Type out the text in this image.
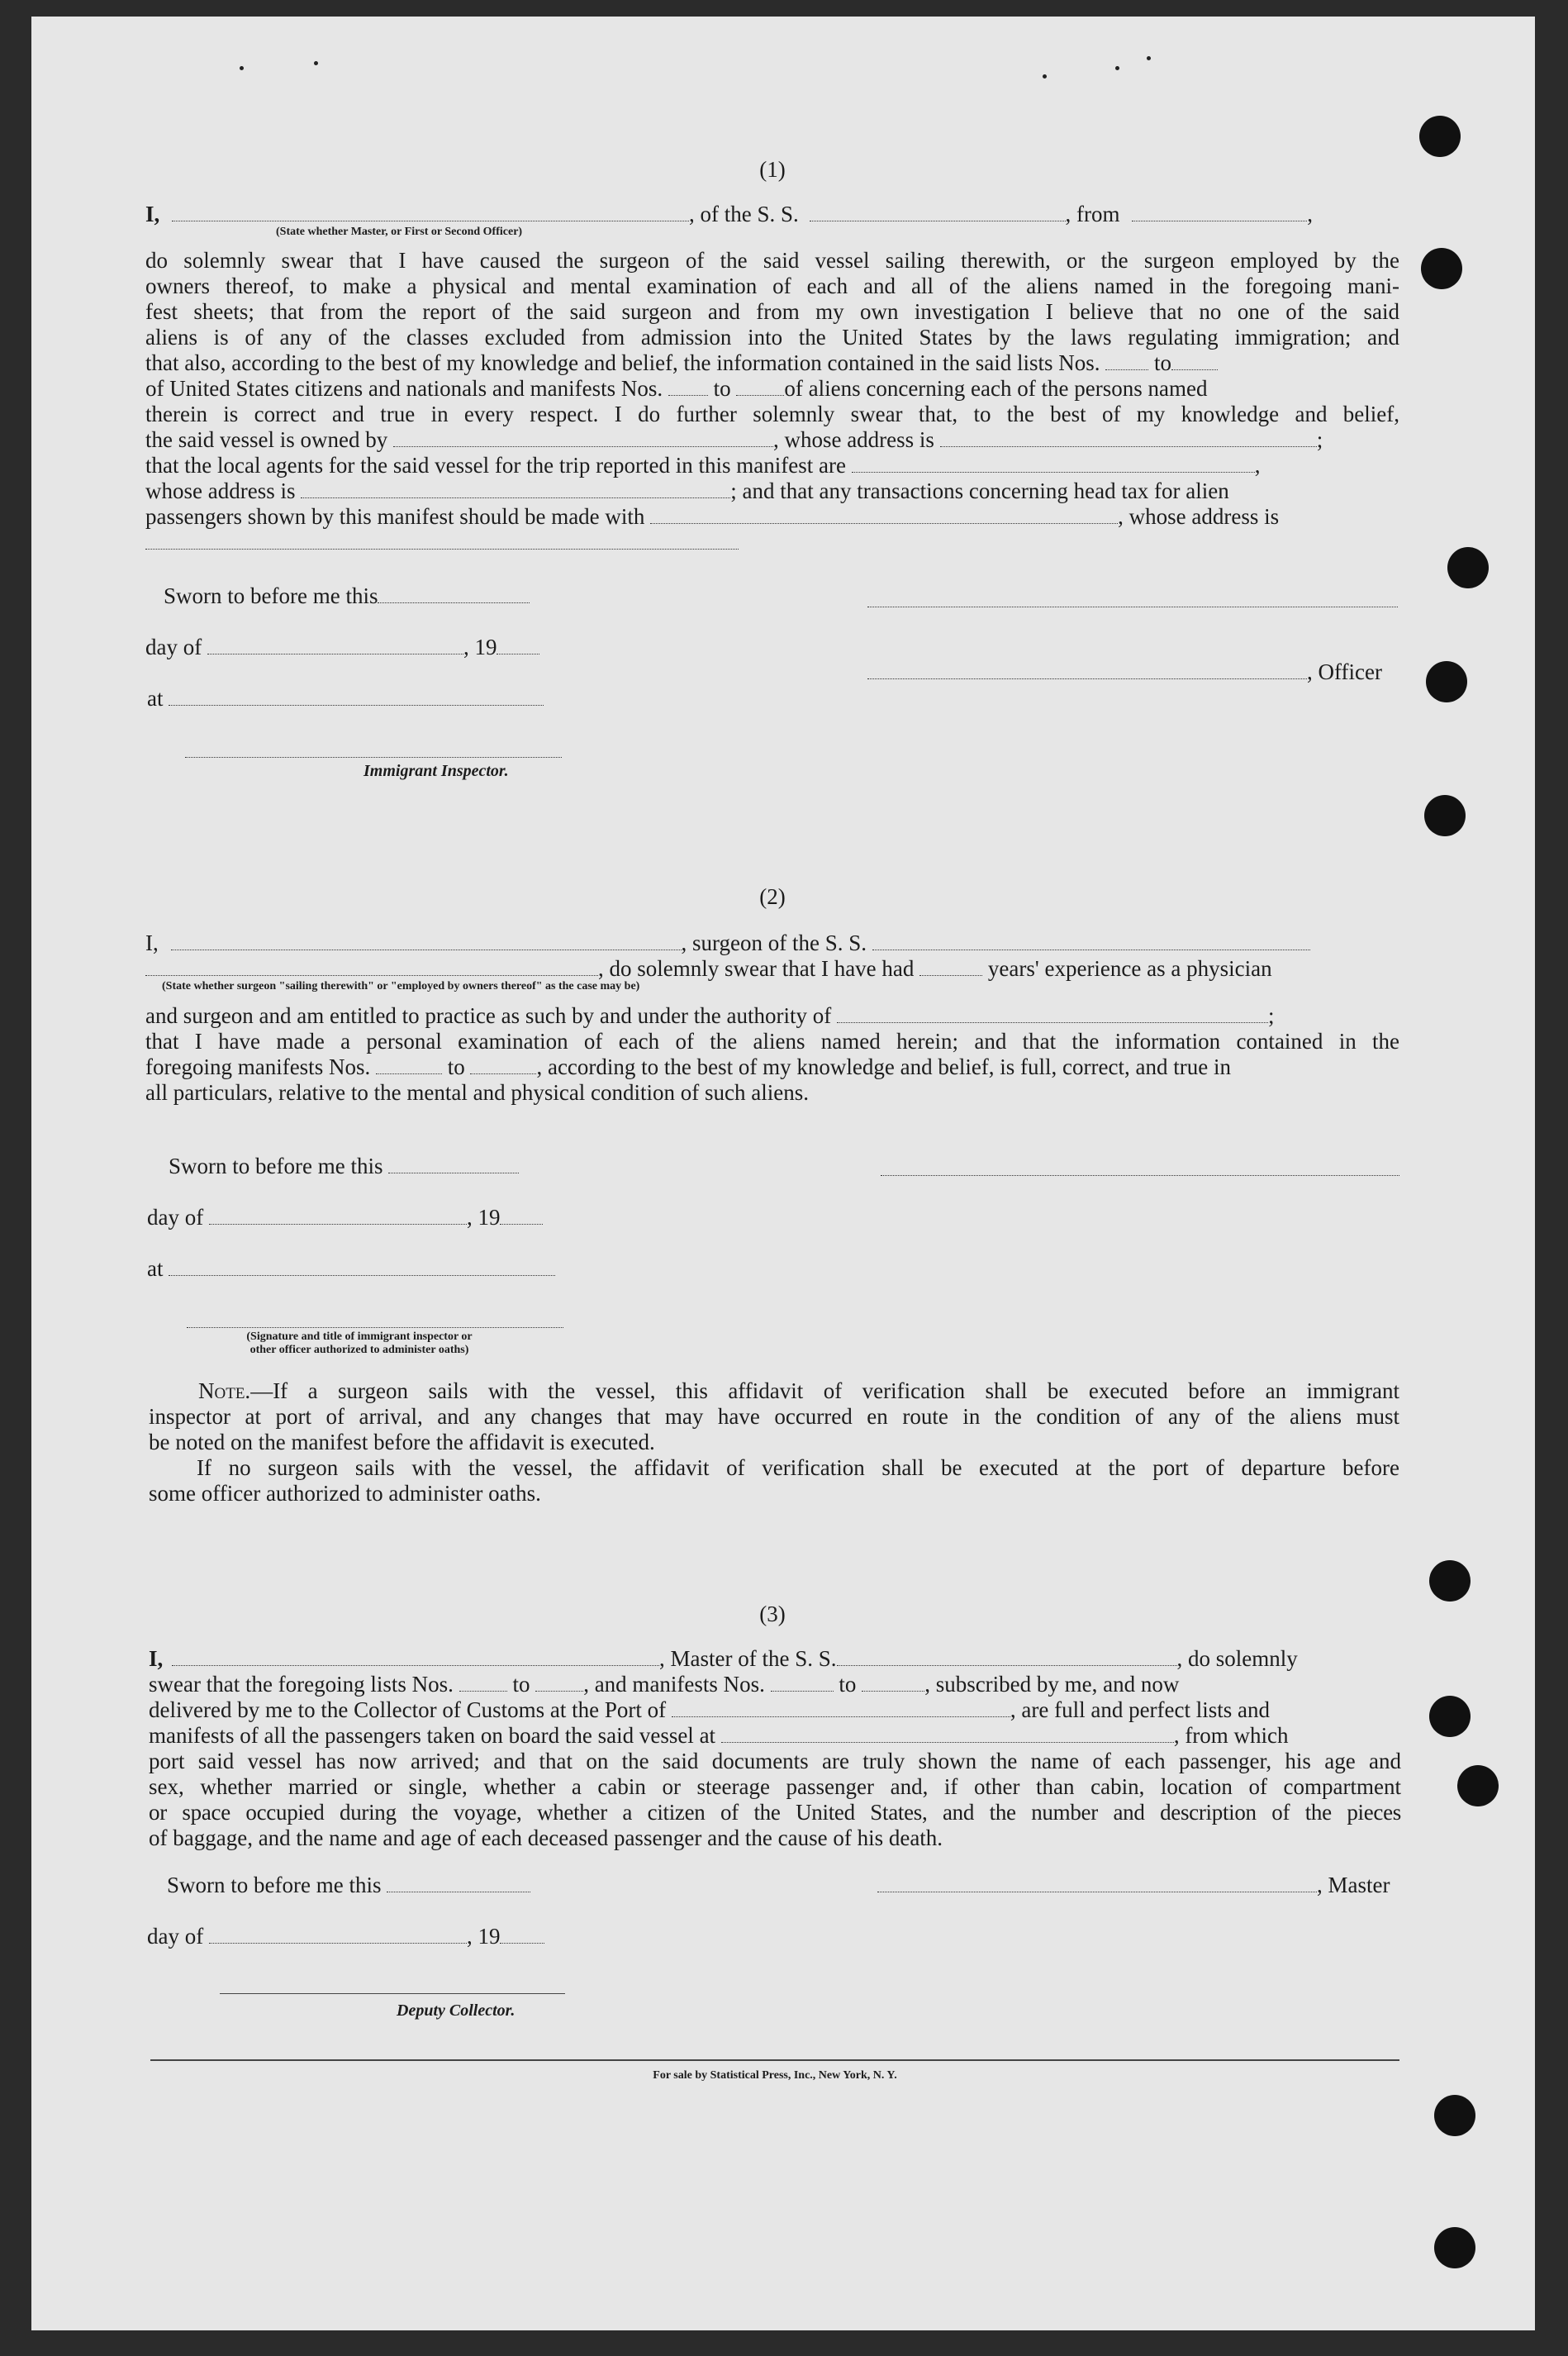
(1)
I,	, of the S. S.	, from	,
(State whether Master, or First or Second Officer)
do solemnly swear that I have caused the surgeon of the said vessel sailing therewith, or the surgeon employed by the
owners thereof, to make a physical and mental examination of each and all of the aliens named in the foregoing mani-
fest sheets; that from the report of the said surgeon and from my own investigation I believe that no one of the said
aliens is of any of the classes excluded from admission into the United States by the laws regulating immigration; and
that also, according to the best of my knowledge and belief, the information contained in the said lists Nos. to
of United States citizens and nationals and manifests Nos. to of aliens concerning each of the persons named
therein is correct and true in every respect. I do further solemnly swear that, to the best of my knowledge and belief,
the said vessel is owned by	, whose address is	;
that the local agents for the said vessel for the trip reported in this manifest are	,
whose address is	; and that any transactions concerning head tax for alien
passengers shown by this manifest should be made with	, whose address is
Sworn to before me this
day of	, 19
, Officer
at
Immigrant Inspector.
(2)
I,	, surgeon of the S. S.
, do solemnly swear that I have had	years' experience as a physician
(State whether surgeon "sailing therewith" or "employed by owners thereof" as the case may be)
and surgeon and am entitled to practice as such by and under the authority of	;
that I have made a personal examination of each of the aliens named herein; and that the information contained in the
foregoing manifests Nos.	to	, according to the best of my knowledge and belief, is full, correct, and true in
all particulars, relative to the mental and physical condition of such aliens.
Sworn to before me this
day of	, 19
at
(Signature and title of immigrant inspector or
other officer authorized to administer oaths)
Note.—If a surgeon sails with the vessel, this affidavit of verification shall be executed before an immigrant
inspector at port of arrival, and any changes that may have occurred en route in the condition of any of the aliens must
be noted on the manifest before the affidavit is executed.
If no surgeon sails with the vessel, the affidavit of verification shall be executed at the port of departure before
some officer authorized to administer oaths.
(3)
I,	, Master of the S. S.	, do solemnly
swear that the foregoing lists Nos.	to , and manifests Nos.	to	, subscribed by me, and now
delivered by me to the Collector of Customs at the Port of	, are full and perfect lists and
manifests of all the passengers taken on board the said vessel at	, from which
port said vessel has now arrived; and that on the said documents are truly shown the name of each passenger, his age and
sex, whether married or single, whether a cabin or steerage passenger and, if other than cabin, location of compartment
or space occupied during the voyage, whether a citizen of the United States, and the number and description of the pieces
of baggage, and the name and age of each deceased passenger and the cause of his death.
Sworn to before me this	, Master
day of	, 19
Deputy Collector.
For sale by Statistical Press, Inc., New York, N. Y.
